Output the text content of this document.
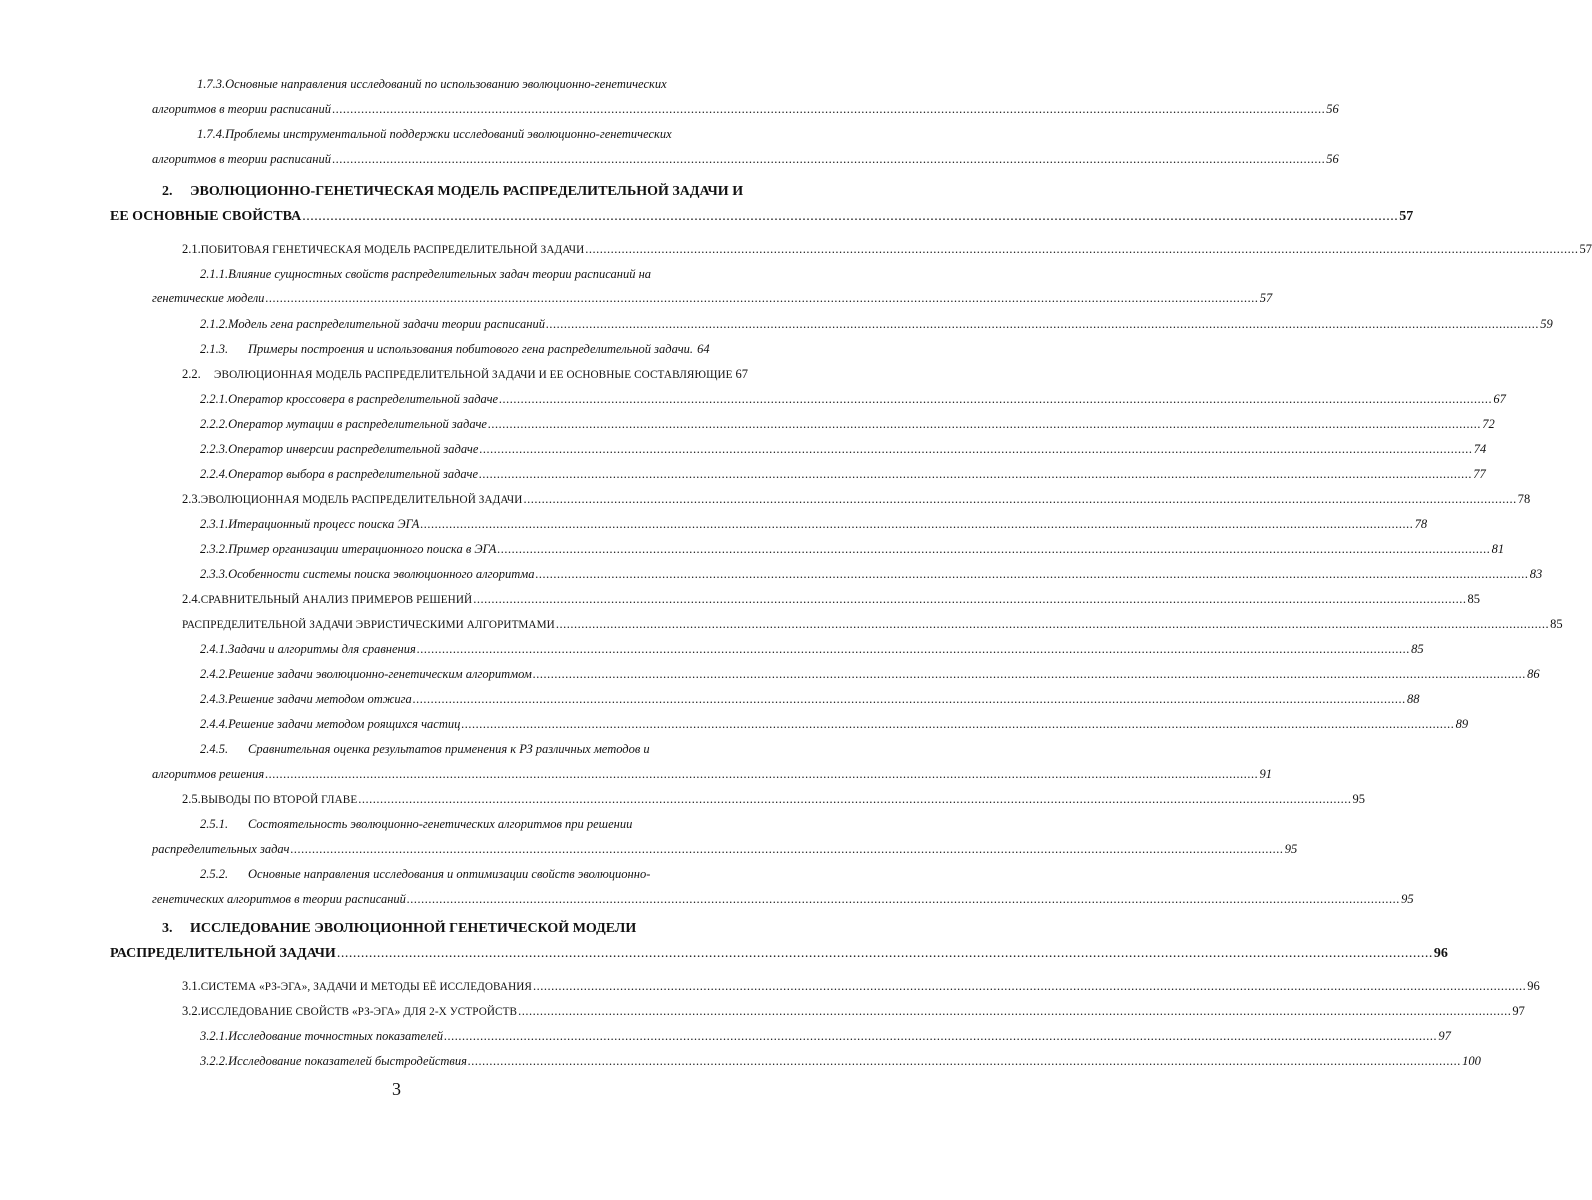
1.7.3.Основные направления исследований по использованию эволюционно-генетических
алгоритмов в теории расписаний .................................................................................................................................................................................................................................................................................. 56
1.7.4.Проблемы инструментальной поддержки исследований эволюционно-генетических
алгоритмов в теории расписаний .................................................................................................................................................................................................................................................................................. 56
2. ЭВОЛЮЦИОННО-ГЕНЕТИЧЕСКАЯ МОДЕЛЬ РАСПРЕДЕЛИТЕЛЬНОЙ ЗАДАЧИ И
ЕЕ ОСНОВНЫЕ СВОЙСТВА .................................................................................................................................................................................................................................................................................. 57
2.1. ПОБИТОВАЯ ГЕНЕТИЧЕСКАЯ МОДЕЛЬ РАСПРЕДЕЛИТЕЛЬНОЙ ЗАДАЧИ .................................................................................................................................................................................................................................................................................. 57
2.1.1.Влияние сущностных свойств распределительных задач теории расписаний на
генетические модели .................................................................................................................................................................................................................................................................................. 57
2.1.2. Модель гена распределительной задачи теории расписаний .................................................................................................................................................................................................................................................................................. 59
2.1.3.	Примеры построения и использования побитового гена распределительной задачи. 64
2.2.	ЭВОЛЮЦИОННАЯ МОДЕЛЬ РАСПРЕДЕЛИТЕЛЬНОЙ ЗАДАЧИ И ЕЕ ОСНОВНЫЕ СОСТАВЛЯЮЩИЕ 67
2.2.1. Оператор кроссовера в распределительной задаче .................................................................................................................................................................................................................................................................................. 67
2.2.2. Оператор мутации в распределительной задаче .................................................................................................................................................................................................................................................................................. 72
2.2.3. Оператор инверсии распределительной задаче .................................................................................................................................................................................................................................................................................. 74
2.2.4. Оператор выбора в распределительной задаче .................................................................................................................................................................................................................................................................................. 77
2.3. ЭВОЛЮЦИОННАЯ МОДЕЛЬ РАСПРЕДЕЛИТЕЛЬНОЙ ЗАДАЧИ .................................................................................................................................................................................................................................................................................. 78
2.3.1. Итерационный процесс поиска ЭГА .................................................................................................................................................................................................................................................................................. 78
2.3.2. Пример организации итерационного поиска в ЭГА .................................................................................................................................................................................................................................................................................. 81
2.3.3. Особенности системы поиска эволюционного алгоритма .................................................................................................................................................................................................................................................................................. 83
2.4. СРАВНИТЕЛЬНЫЙ АНАЛИЗ ПРИМЕРОВ РЕШЕНИЙ .................................................................................................................................................................................................................................................................................. 85
РАСПРЕДЕЛИТЕЛЬНОЙ ЗАДАЧИ ЭВРИСТИЧЕСКИМИ АЛГОРИТМАМИ .................................................................................................................................................................................................................................................................................. 85
2.4.1. Задачи и алгоритмы для сравнения .................................................................................................................................................................................................................................................................................. 85
2.4.2. Решение задачи эволюционно-генетическим алгоритмом .................................................................................................................................................................................................................................................................................. 86
2.4.3. Решение задачи методом отжига .................................................................................................................................................................................................................................................................................. 88
2.4.4. Решение задачи методом роящихся частиц .................................................................................................................................................................................................................................................................................. 89
2.4.5. Сравнительная оценка результатов применения к РЗ различных методов и
алгоритмов решения .................................................................................................................................................................................................................................................................................. 91
2.5. ВЫВОДЫ ПО ВТОРОЙ ГЛАВЕ .................................................................................................................................................................................................................................................................................. 95
2.5.1. Состоятельность эволюционно-генетических алгоритмов при решении
распределительных задач .................................................................................................................................................................................................................................................................................. 95
2.5.2. Основные направления исследования и оптимизации свойств эволюционно-
генетических алгоритмов в теории расписаний .................................................................................................................................................................................................................................................................................. 95
3. ИССЛЕДОВАНИЕ ЭВОЛЮЦИОННОЙ ГЕНЕТИЧЕСКОЙ МОДЕЛИ
РАСПРЕДЕЛИТЕЛЬНОЙ ЗАДАЧИ .................................................................................................................................................................................................................................................................................. 96
3.1. СИСТЕМА «РЗ-ЭГА», ЗАДАЧИ И МЕТОДЫ ЕЁ ИССЛЕДОВАНИЯ .................................................................................................................................................................................................................................................................................. 96
3.2. ИССЛЕДОВАНИЕ СВОЙСТВ «РЗ-ЭГА» ДЛЯ 2-Х УСТРОЙСТВ .................................................................................................................................................................................................................................................................................. 97
3.2.1. Исследование точностных показателей .................................................................................................................................................................................................................................................................................. 97
3.2.2. Исследование показателей быстродействия .................................................................................................................................................................................................................................................................................. 100
3
